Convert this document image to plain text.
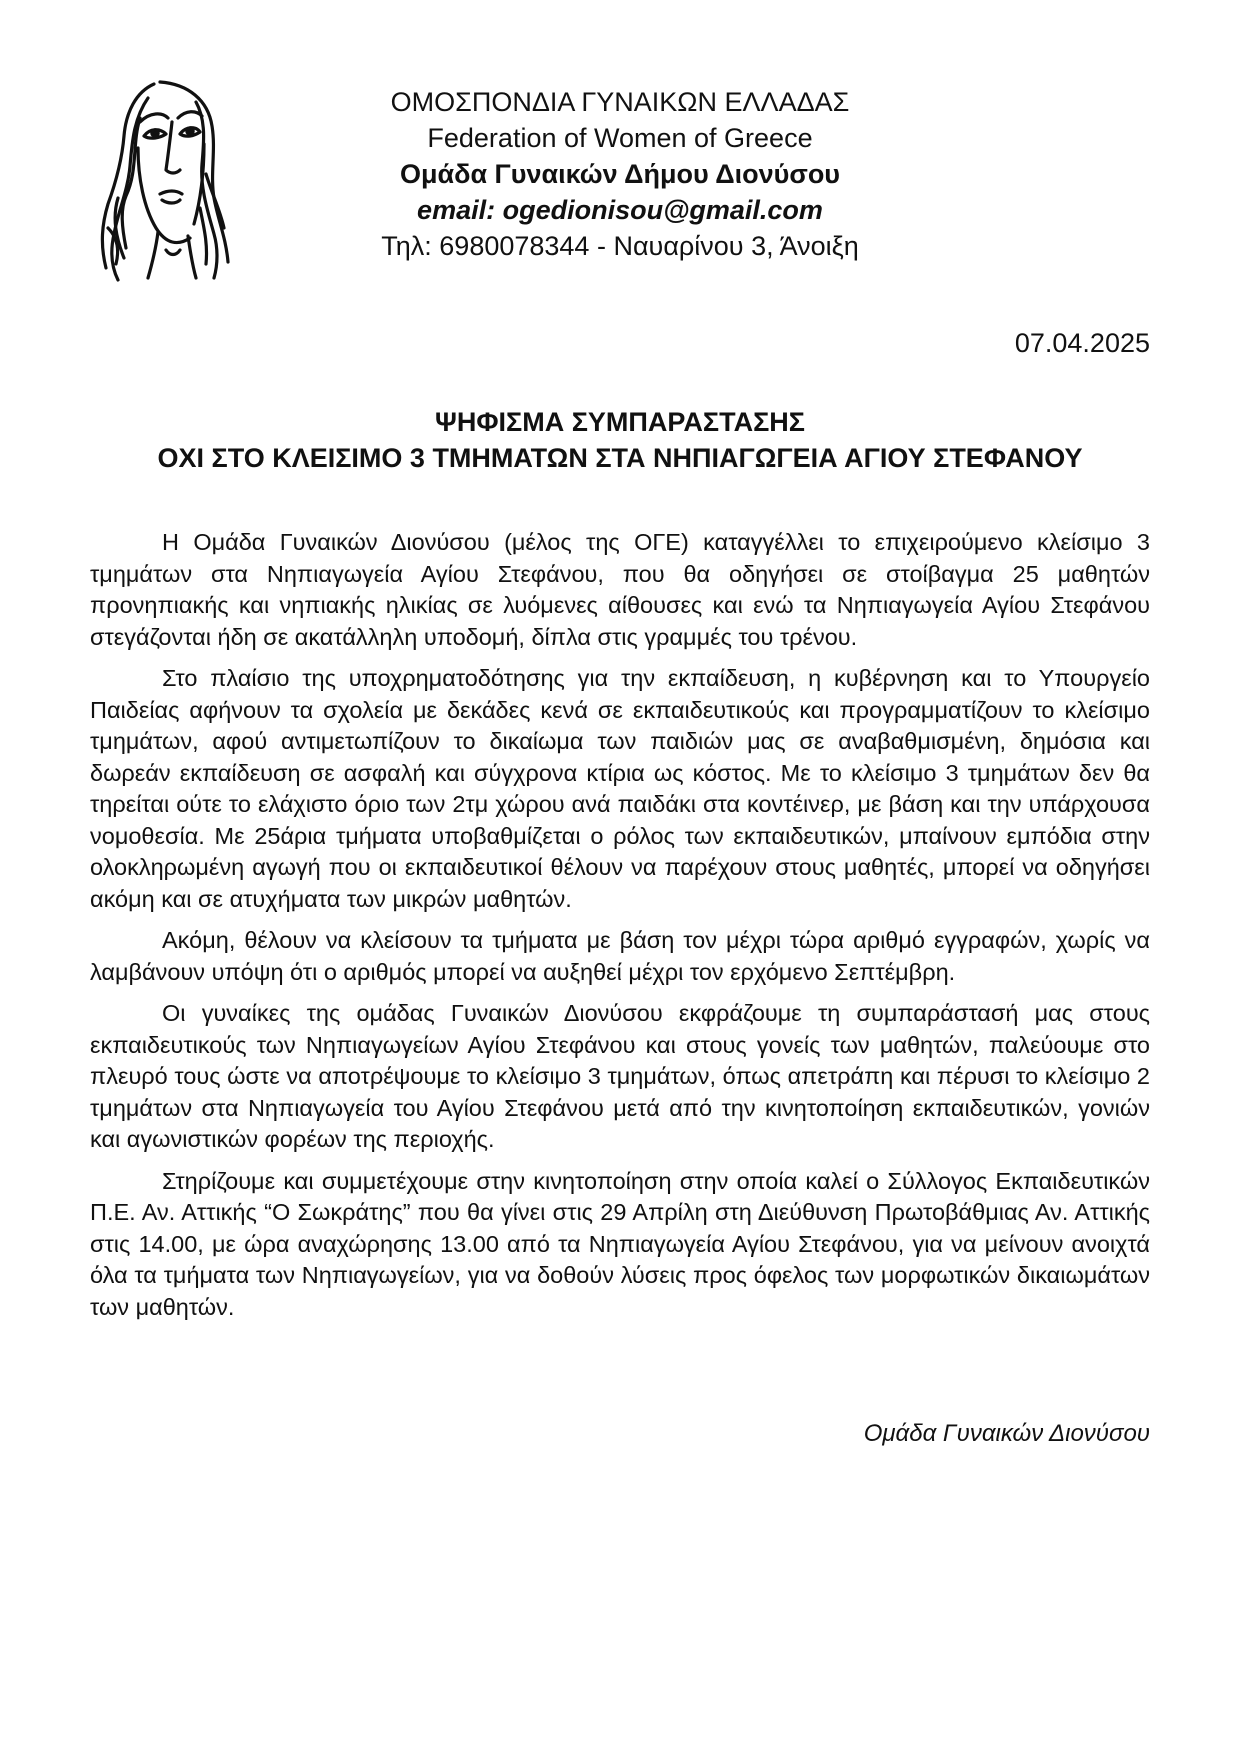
ΟΜΟΣΠΟΝΔΙΑ ΓΥΝΑΙΚΩΝ ΕΛΛΑΔΑΣ
Federation of Women of Greece
Ομάδα Γυναικών Δήμου Διονύσου
email: ogedionisou@gmail.com
Τηλ: 6980078344 - Ναυαρίνου 3, Άνοιξη
07.04.2025
ΨΗΦΙΣΜΑ ΣΥΜΠΑΡΑΣΤΑΣΗΣ
ΟΧΙ ΣΤΟ ΚΛΕΙΣΙΜΟ 3 ΤΜΗΜΑΤΩΝ ΣΤΑ ΝΗΠΙΑΓΩΓΕΙΑ ΑΓΙΟΥ ΣΤΕΦΑΝΟΥ

Η Ομάδα Γυναικών Διονύσου (μέλος της ΟΓΕ) καταγγέλλει το επιχειρούμενο κλείσιμο 3 τμημάτων στα Νηπιαγωγεία Αγίου Στεφάνου, που θα οδηγήσει σε στοίβαγμα 25 μαθητών προνηπιακής και νηπιακής ηλικίας σε λυόμενες αίθουσες και ενώ τα Νηπιαγωγεία Αγίου Στεφάνου στεγάζονται ήδη σε ακατάλληλη υποδομή, δίπλα στις γραμμές του τρένου.

Στο πλαίσιο της υποχρηματοδότησης για την εκπαίδευση, η κυβέρνηση και το Υπουργείο Παιδείας αφήνουν τα σχολεία με δεκάδες κενά σε εκπαιδευτικούς και προγραμματίζουν το κλείσιμο τμημάτων, αφού αντιμετωπίζουν το δικαίωμα των παιδιών μας σε αναβαθμισμένη, δημόσια και δωρεάν εκπαίδευση σε ασφαλή και σύγχρονα κτίρια ως κόστος. Με το κλείσιμο 3 τμημάτων δεν θα τηρείται ούτε το ελάχιστο όριο των 2τμ χώρου ανά παιδάκι στα κοντέινερ, με βάση και την υπάρχουσα νομοθεσία. Με 25άρια τμήματα υποβαθμίζεται ο ρόλος των εκπαιδευτικών, μπαίνουν εμπόδια στην ολοκληρωμένη αγωγή που οι εκπαιδευτικοί θέλουν να παρέχουν στους μαθητές, μπορεί να οδηγήσει ακόμη και σε ατυχήματα των μικρών μαθητών.

Ακόμη, θέλουν να κλείσουν τα τμήματα με βάση τον μέχρι τώρα αριθμό εγγραφών, χωρίς να λαμβάνουν υπόψη ότι ο αριθμός μπορεί να αυξηθεί μέχρι τον ερχόμενο Σεπτέμβρη.

Οι γυναίκες της ομάδας Γυναικών Διονύσου εκφράζουμε τη συμπαράστασή μας στους εκπαιδευτικούς των Νηπιαγωγείων Αγίου Στεφάνου και στους γονείς των μαθητών, παλεύουμε στο πλευρό τους ώστε να αποτρέψουμε το κλείσιμο 3 τμημάτων, όπως απετράπη και πέρυσι το κλείσιμο 2 τμημάτων στα Νηπιαγωγεία του Αγίου Στεφάνου μετά από την κινητοποίηση εκπαιδευτικών, γονιών και αγωνιστικών φορέων της περιοχής.

Στηρίζουμε και συμμετέχουμε στην κινητοποίηση στην οποία καλεί ο Σύλλογος Εκπαιδευτικών Π.Ε. Αν. Αττικής “Ο Σωκράτης” που θα γίνει στις 29 Απρίλη στη Διεύθυνση Πρωτοβάθμιας Αν. Αττικής στις 14.00, με ώρα αναχώρησης 13.00 από τα Νηπιαγωγεία Αγίου Στεφάνου, για να μείνουν ανοιχτά όλα τα τμήματα των Νηπιαγωγείων, για να δοθούν λύσεις προς όφελος των μορφωτικών δικαιωμάτων των μαθητών.

Ομάδα Γυναικών Διονύσου
